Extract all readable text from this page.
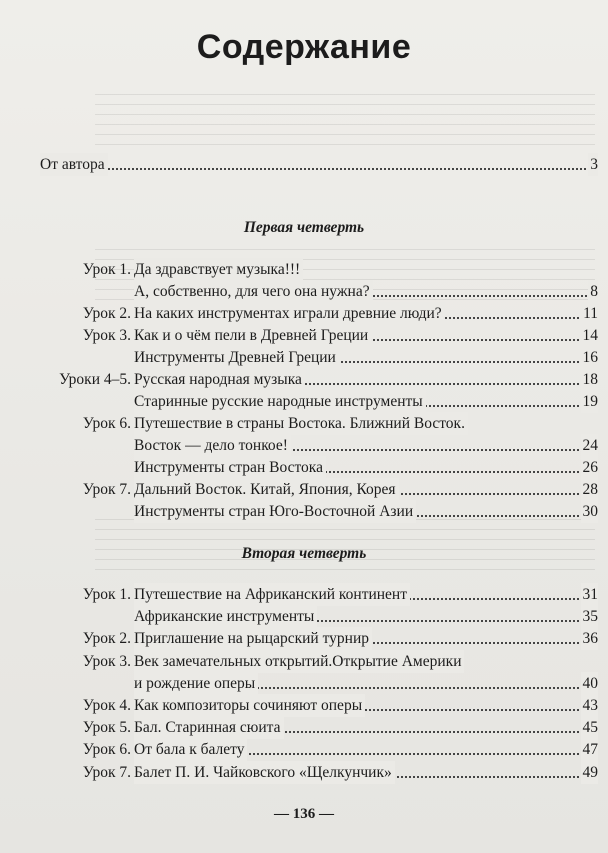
Содержание
От автора	3
Первая четверть
Урок 1. Да здравствует музыка!!!
А, собственно, для чего она нужна?	8
Урок 2. На каких инструментах играли древние люди?	11
Урок 3. Как и о чём пели в Древней Греции	14
Инструменты Древней Греции	16
Уроки 4–5. Русская народная музыка	18
Старинные русские народные инструменты	19
Урок 6. Путешествие в страны Востока. Ближний Восток.
Восток — дело тонкое!	24
Инструменты стран Востока	26
Урок 7. Дальний Восток. Китай, Япония, Корея	28
Инструменты стран Юго-Восточной Азии	30
Вторая четверть
Урок 1. Путешествие на Африканский континент	31
Африканские инструменты	35
Урок 2. Приглашение на рыцарский турнир	36
Урок 3. Век замечательных открытий.Открытие Америки
и рождение оперы	40
Урок 4. Как композиторы сочиняют оперы	43
Урок 5. Бал. Старинная сюита	45
Урок 6. От бала к балету	47
Урок 7. Балет П. И. Чайковского «Щелкунчик»	49
— 136 —
